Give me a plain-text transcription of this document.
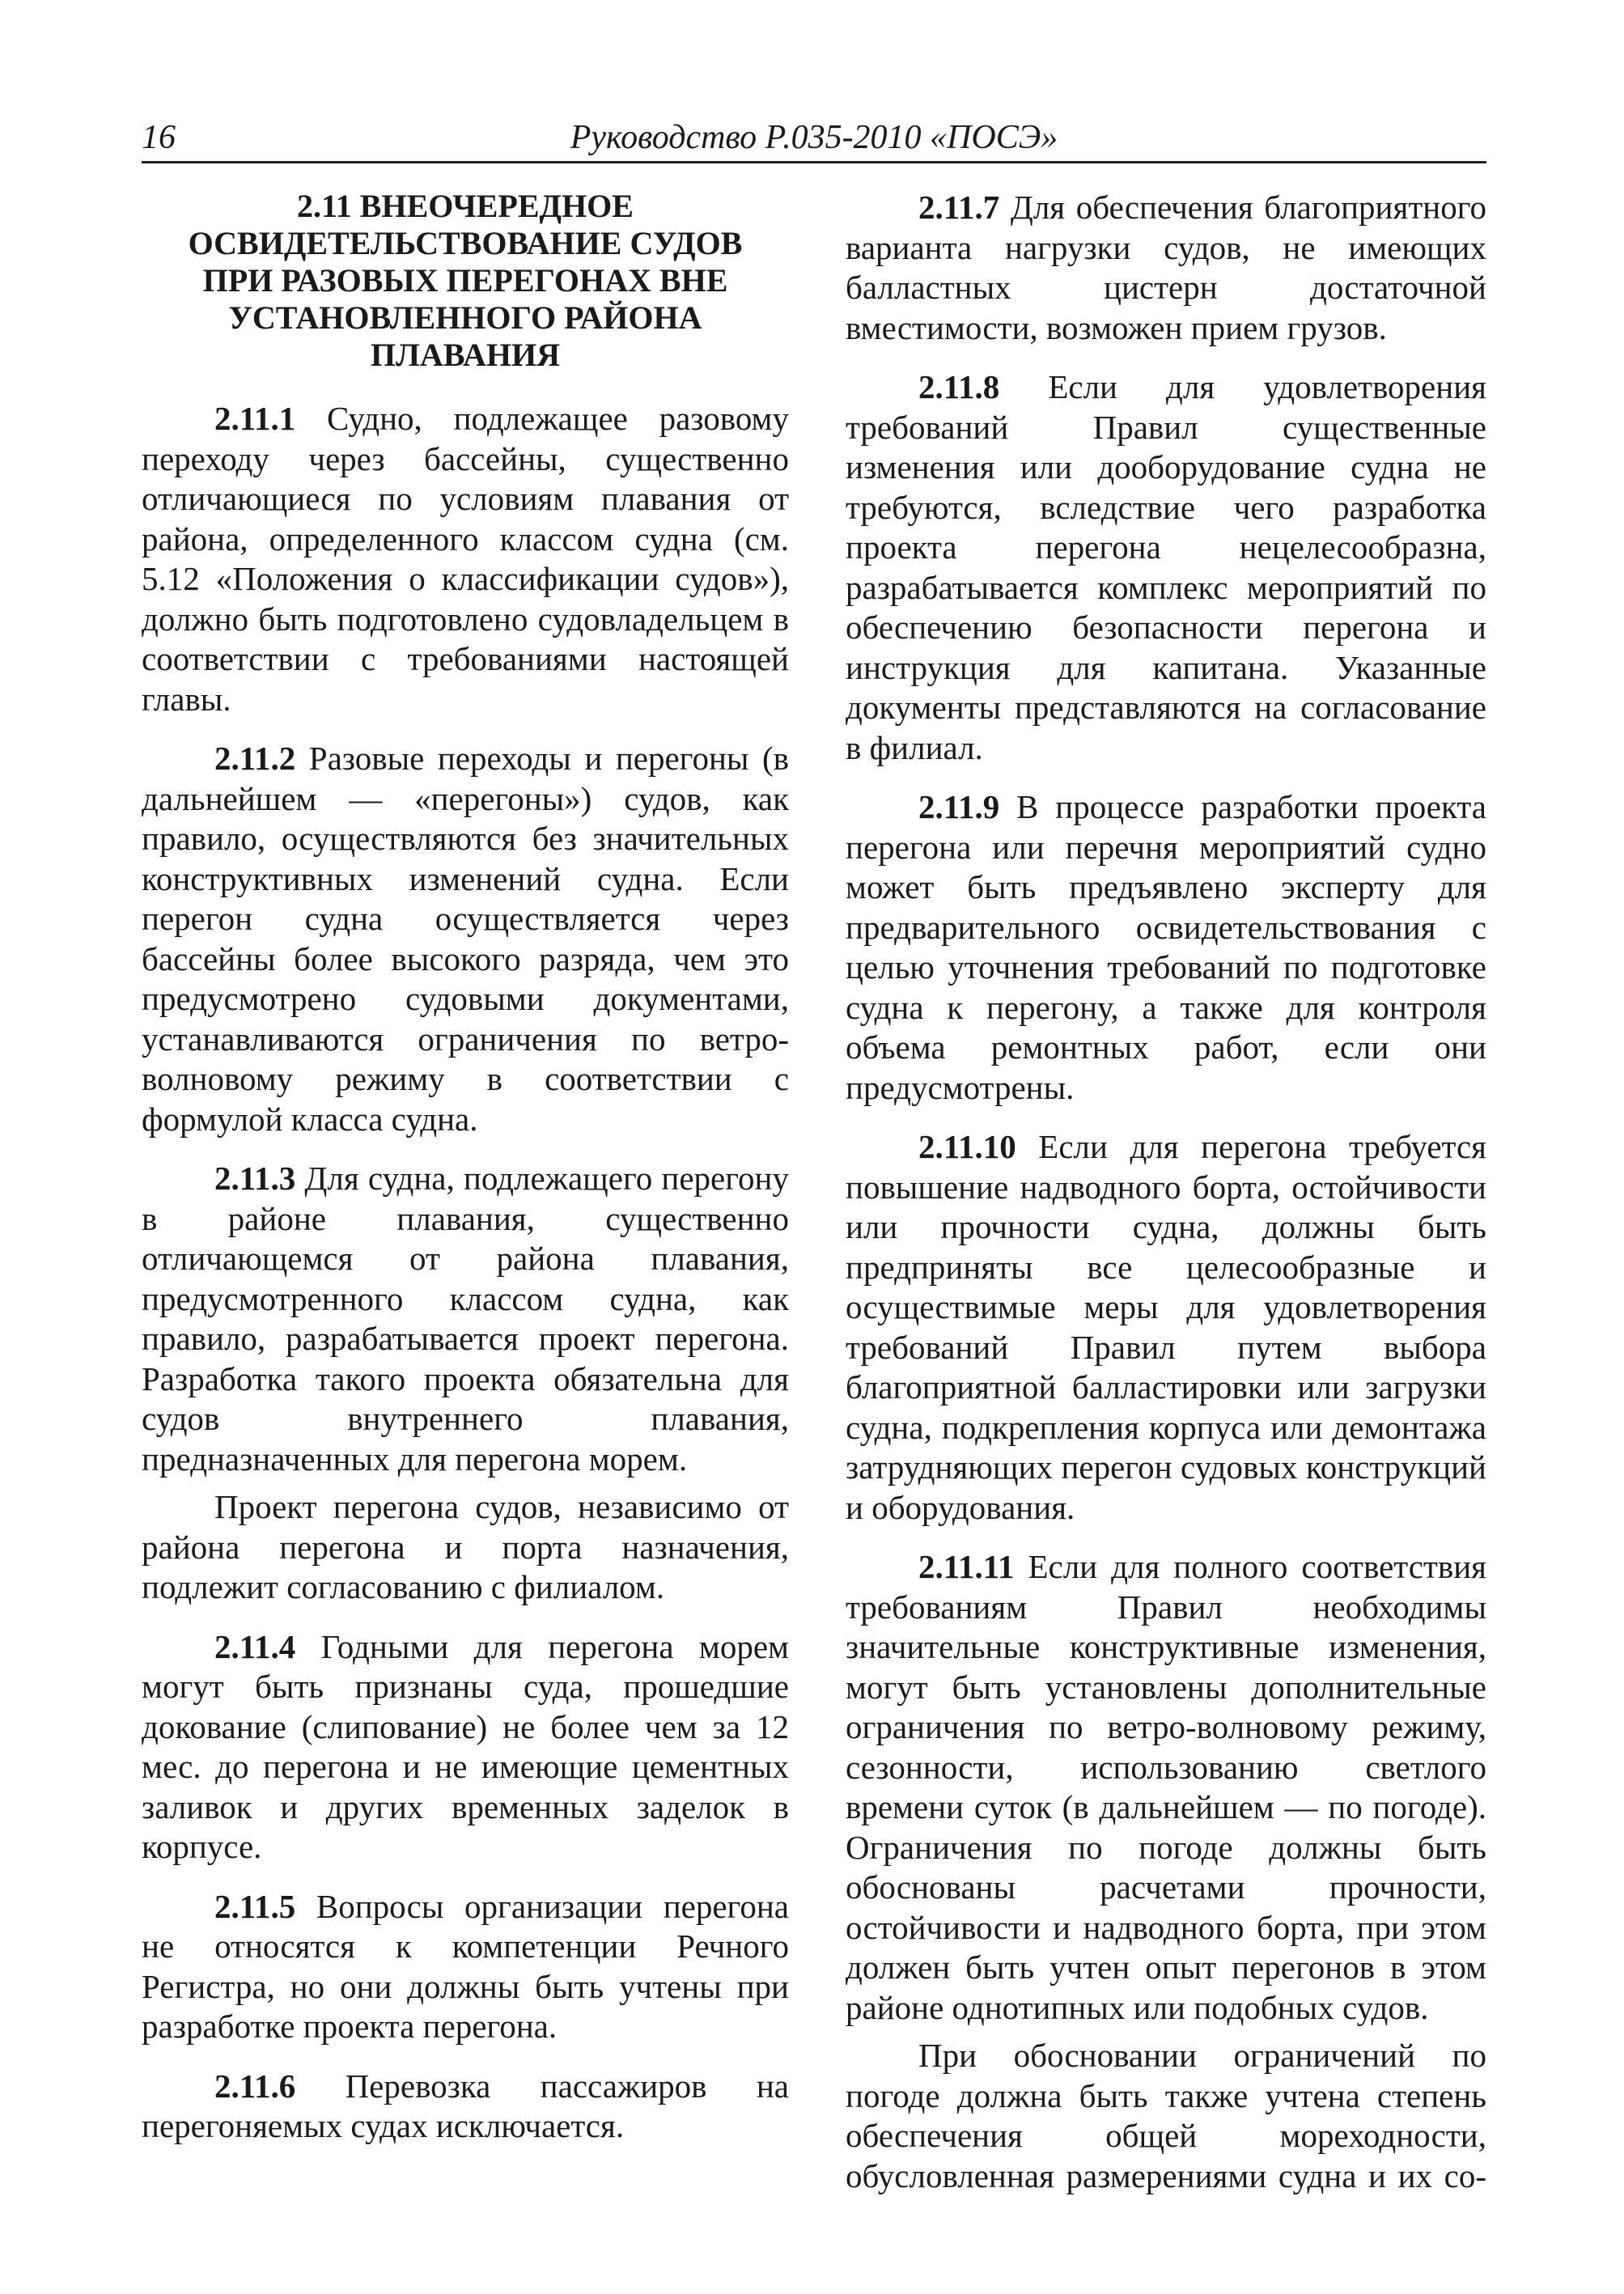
16	Руководство Р.035-2010 «ПОСЭ»
2.11 ВНЕОЧЕРЕДНОЕ ОСВИДЕТЕЛЬСТВОВАНИЕ СУДОВ ПРИ РАЗОВЫХ ПЕРЕГОНАХ ВНЕ УСТАНОВЛЕННОГО РАЙОНА ПЛАВАНИЯ

2.11.1 Судно, подлежащее разовому переходу через бассейны, существенно отличающиеся по условиям плавания от района, определенного классом судна (см. 5.12 «Положения о классификации судов»), должно быть подготовлено судовладельцем в соответствии с требованиями настоящей главы.

2.11.2 Разовые переходы и перегоны (в дальнейшем — «перегоны») судов, как правило, осуществляются без значительных конструктивных изменений судна. Если перегон судна осуществляется через бассейны более высокого разряда, чем это предусмотрено судовыми документами, устанавливаются ограничения по ветро-волновому режиму в соответствии с формулой класса судна.

2.11.3 Для судна, подлежащего перегону в районе плавания, существенно отличающемся от района плавания, предусмотренного классом судна, как правило, разрабатывается проект перегона. Разработка такого проекта обязательна для судов внутреннего плавания, предназначенных для перегона морем.

Проект перегона судов, независимо от района перегона и порта назначения, подлежит согласованию с филиалом.

2.11.4 Годными для перегона морем могут быть признаны суда, прошедшие докование (слипование) не более чем за 12 мес. до перегона и не имеющие цементных заливок и других временных заделок в корпусе.

2.11.5 Вопросы организации перегона не относятся к компетенции Речного Регистра, но они должны быть учтены при разработке проекта перегона.

2.11.6 Перевозка пассажиров на перегоняемых судах исключается.

2.11.7 Для обеспечения благоприятного варианта нагрузки судов, не имеющих балластных цистерн достаточной вместимости, возможен прием грузов.

2.11.8 Если для удовлетворения требований Правил существенные изменения или дооборудование судна не требуются, вследствие чего разработка проекта перегона нецелесообразна, разрабатывается комплекс мероприятий по обеспечению безопасности перегона и инструкция для капитана. Указанные документы представляются на согласование в филиал.

2.11.9 В процессе разработки проекта перегона или перечня мероприятий судно может быть предъявлено эксперту для предварительного освидетельствования с целью уточнения требований по подготовке судна к перегону, а также для контроля объема ремонтных работ, если они предусмотрены.

2.11.10 Если для перегона требуется повышение надводного борта, остойчивости или прочности судна, должны быть предприняты все целесообразные и осуществимые меры для удовлетворения требований Правил путем выбора благоприятной балластировки или загрузки судна, подкрепления корпуса или демонтажа затрудняющих перегон судовых конструкций и оборудования.

2.11.11 Если для полного соответствия требованиям Правил необходимы значительные конструктивные изменения, могут быть установлены дополнительные ограничения по ветро-волновому режиму, сезонности, использованию светлого времени суток (в дальнейшем — по погоде). Ограничения по погоде должны быть обоснованы расчетами прочности, остойчивости и надводного борта, при этом должен быть учтен опыт перегонов в этом районе однотипных или подобных судов.

При обосновании ограничений по погоде должна быть также учтена степень обеспечения общей мореходности, обусловленная размерениями судна и их со-
